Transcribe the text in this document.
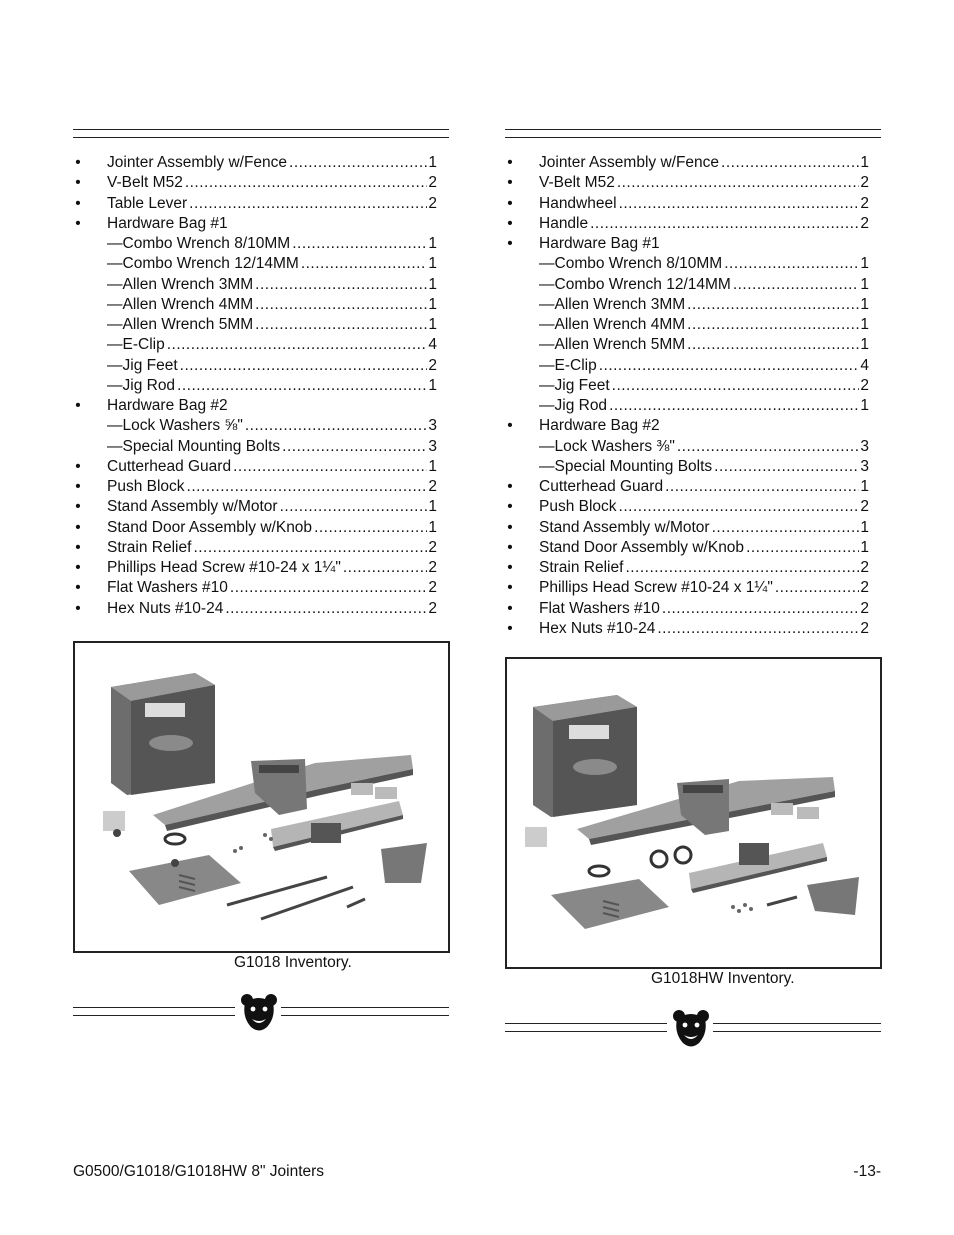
• Jointer Assembly w/Fence .....	1
• V-Belt M52 .....	2
• Table Lever .....	2
• Hardware Bag #1
—Combo Wrench 8/10MM .....	1
—Combo Wrench 12/14MM .....	1
—Allen Wrench 3MM .....	1
—Allen Wrench 4MM .....	1
—Allen Wrench 5MM .....	1
—E-Clip .....	4
—Jig Feet .....	2
—Jig Rod .....	1
• Hardware Bag #2
—Lock Washers ⅝" .....	3
—Special Mounting Bolts .....	3
• Cutterhead Guard .....	1
• Push Block .....	2
• Stand Assembly w/Motor .....	1
• Stand Door Assembly w/Knob .....	1
• Strain Relief .....	2
• Phillips Head Screw #10-24 x 1¼" .....	2
• Flat Washers #10 .....	2
• Hex Nuts #10-24 .....	2
G1018 Inventory.
• Jointer Assembly w/Fence .....	1
• V-Belt M52 .....	2
• Handwheel .....	2
• Handle .....	2
• Hardware Bag #1
—Combo Wrench 8/10MM .....	1
—Combo Wrench 12/14MM .....	1
—Allen Wrench 3MM .....	1
—Allen Wrench 4MM .....	1
—Allen Wrench 5MM .....	1
—E-Clip .....	4
—Jig Feet .....	2
—Jig Rod .....	1
• Hardware Bag #2
—Lock Washers ⅜" .....	3
—Special Mounting Bolts .....	3
• Cutterhead Guard .....	1
• Push Block .....	2
• Stand Assembly w/Motor .....	1
• Stand Door Assembly w/Knob .....	1
• Strain Relief .....	2
• Phillips Head Screw #10-24 x 1¼" .....	2
• Flat Washers #10 .....	2
• Hex Nuts #10-24 .....	2
G1018HW Inventory.
G0500/G1018/G1018HW 8" Jointers	-13-
